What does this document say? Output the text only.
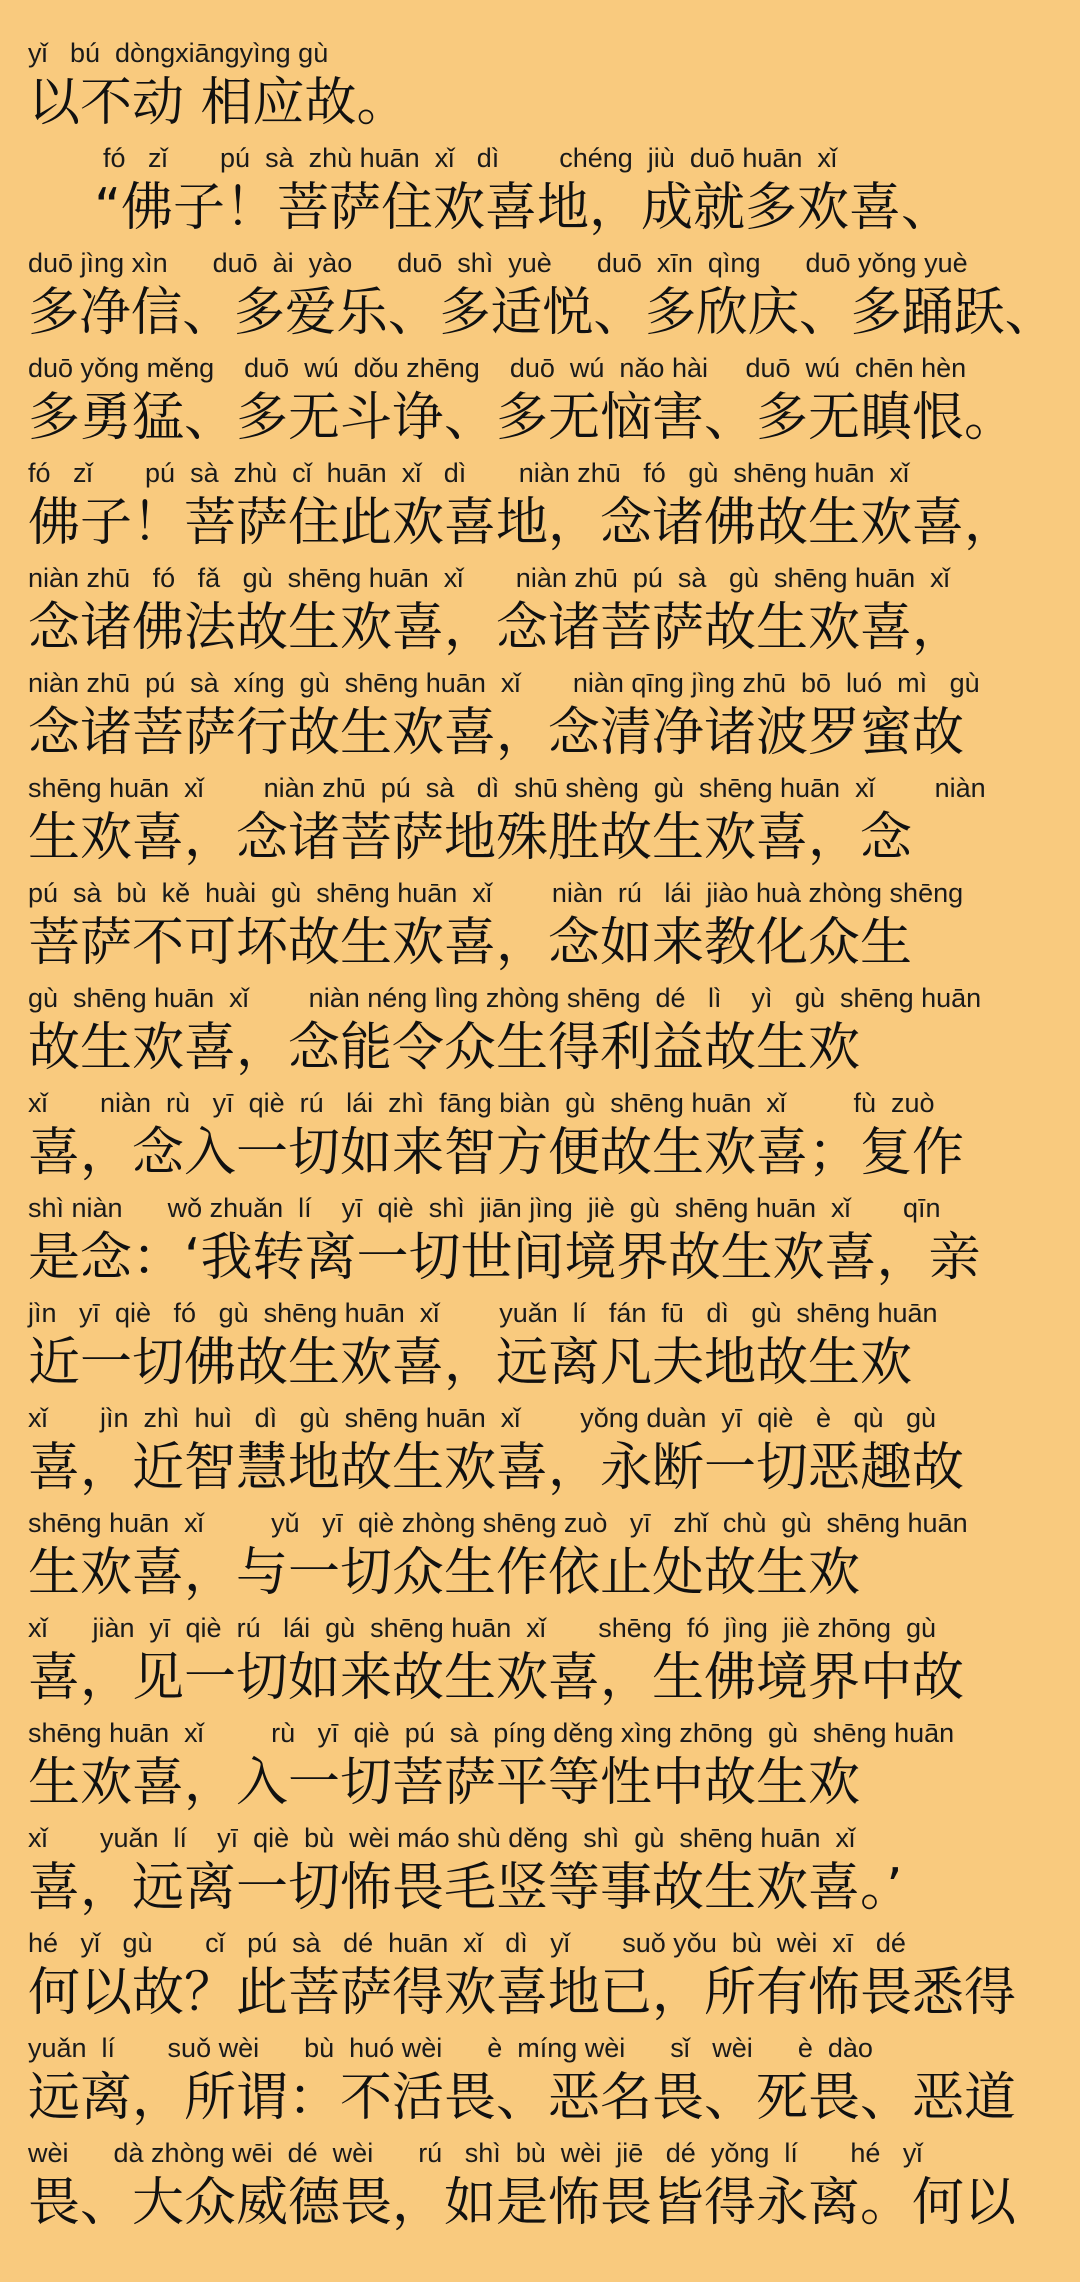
yǐ   bú  dòngxiāngyìng gù
以不动 相应故。
fó   zǐ       pú  sà  zhù huān  xǐ   dì        chéng  jiù  duō huān  xǐ
“佛子！菩萨住欢喜地，成就多欢喜、
duō jìng xìn      duō  ài  yào      duō  shì  yuè      duō  xīn  qìng      duō yǒng yuè
多净信、多爱乐、多适悦、多欣庆、多踊跃、
duō yǒng měng    duō  wú  dǒu zhēng    duō  wú  nǎo hài     duō  wú  chēn hèn
多勇猛、多无斗诤、多无恼害、多无瞋恨。
fó   zǐ       pú  sà  zhù  cǐ  huān  xǐ   dì       niàn zhū   fó   gù  shēng huān  xǐ
佛子！菩萨住此欢喜地，念诸佛故生欢喜，
niàn zhū   fó   fǎ   gù  shēng huān  xǐ       niàn zhū  pú  sà   gù  shēng huān  xǐ
念诸佛法故生欢喜，念诸菩萨故生欢喜，
niàn zhū  pú  sà  xíng  gù  shēng huān  xǐ       niàn qīng jìng zhū  bō  luó  mì   gù
念诸菩萨行故生欢喜，念清净诸波罗蜜故
shēng huān  xǐ        niàn zhū  pú  sà   dì  shū shèng  gù  shēng huān  xǐ        niàn
生欢喜，念诸菩萨地殊胜故生欢喜，念
pú  sà  bù  kě  huài  gù  shēng huān  xǐ        niàn  rú   lái  jiào huà zhòng shēng
菩萨不可坏故生欢喜，念如来教化众生
gù  shēng huān  xǐ        niàn néng lìng zhòng shēng  dé   lì    yì   gù  shēng huān
故生欢喜，念能令众生得利益故生欢
xǐ       niàn  rù   yī  qiè  rú   lái  zhì  fāng biàn  gù  shēng huān  xǐ         fù  zuò
喜，念入一切如来智方便故生欢喜；复作
shì niàn      wǒ zhuǎn  lí    yī  qiè  shì  jiān jìng  jiè  gù  shēng huān  xǐ       qīn
是念：‘我转离一切世间境界故生欢喜，亲
jìn   yī  qiè   fó   gù  shēng huān  xǐ        yuǎn  lí   fán  fū   dì   gù  shēng huān
近一切佛故生欢喜，远离凡夫地故生欢
xǐ       jìn  zhì  huì   dì   gù  shēng huān  xǐ        yǒng duàn  yī  qiè   è   qù   gù
喜，近智慧地故生欢喜，永断一切恶趣故
shēng huān  xǐ         yǔ   yī  qiè zhòng shēng zuò   yī   zhǐ  chù  gù  shēng huān
生欢喜，与一切众生作依止处故生欢
xǐ      jiàn  yī  qiè  rú   lái  gù  shēng huān  xǐ       shēng  fó  jìng  jiè zhōng  gù
喜，见一切如来故生欢喜，生佛境界中故
shēng huān  xǐ         rù   yī  qiè  pú  sà  píng děng xìng zhōng  gù  shēng huān
生欢喜，入一切菩萨平等性中故生欢
xǐ       yuǎn  lí    yī  qiè  bù  wèi máo shù děng  shì  gù  shēng huān  xǐ
喜，远离一切怖畏毛竖等事故生欢喜。’
hé   yǐ   gù       cǐ   pú  sà   dé  huān  xǐ   dì   yǐ       suǒ yǒu  bù  wèi  xī   dé
何以故？此菩萨得欢喜地已，所有怖畏悉得
yuǎn  lí       suǒ wèi      bù  huó wèi      è  míng wèi      sǐ   wèi      è  dào
远离，所谓：不活畏、恶名畏、死畏、恶道
wèi      dà zhòng wēi  dé  wèi      rú   shì  bù  wèi  jiē   dé  yǒng  lí       hé   yǐ
畏、大众威德畏，如是怖畏皆得永离。何以
